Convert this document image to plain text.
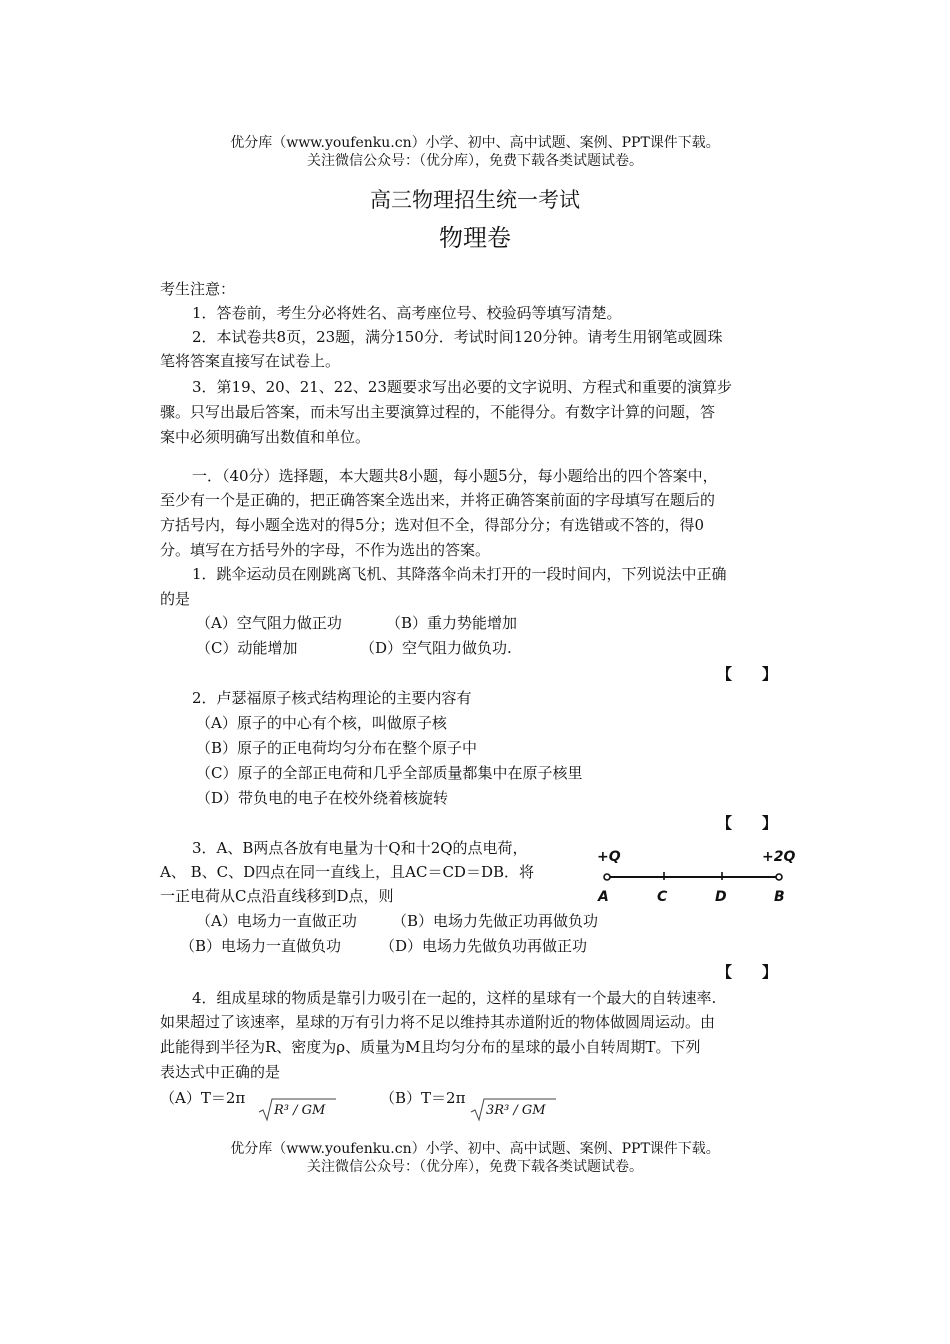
优分库（www.youfenku.cn）小学、初中、高中试题、案例、PPT课件下载。
关注微信公众号：（优分库），免费下载各类试题试卷。
高三物理招生统一考试
物理卷
考生注意：
1．答卷前，考生分必将姓名、高考座位号、校验码等填写清楚。
2．本试卷共8页，23题，满分150分．考试时间120分钟。请考生用钢笔或圆珠
笔将答案直接写在试卷上。
3．第19、20、21、22、23题要求写出必要的文字说明、方程式和重要的演算步
骤。只写出最后答案，而未写出主要演算过程的，不能得分。有数字计算的问题，答
案中必须明确写出数值和单位。
一．（40分）选择题，本大题共8小题，每小题5分，每小题给出的四个答案中，
至少有一个是正确的，把正确答案全选出来，并将正确答案前面的字母填写在题后的
方括号内，每小题全选对的得5分；选对但不全，得部分分；有选错或不答的，得0
分。填写在方括号外的字母，不作为选出的答案。
1．跳伞运动员在刚跳离飞机、其降落伞尚未打开的一段时间内，下列说法中正确
的是
（A）空气阻力做正功	（B）重力势能增加
（C）动能增加	（D）空气阻力做负功.
【　　】
2．卢瑟福原子核式结构理论的主要内容有
（A）原子的中心有个核，叫做原子核
（B）原子的正电荷均匀分布在整个原子中
（C）原子的全部正电荷和几乎全部质量都集中在原子核里
（D）带负电的电子在校外绕着核旋转
【　　】
3．A、B两点各放有电量为十Q和十2Q的点电荷，
A、 B、C、D四点在同一直线上，且AC＝CD＝DB．将
一正电荷从C点沿直线移到D点，则
（A）电场力一直做正功 （B）电场力先做正功再做负功
（B）电场力一直做负功	（D）电场力先做负功再做正功
【　　】
+Q	+2Q
A	C	D	B
4．组成星球的物质是靠引力吸引在一起的，这样的星球有一个最大的自转速率.
如果超过了该速率，星球的万有引力将不足以维持其赤道附近的物体做圆周运动。由
此能得到半径为R、密度为ρ、质量为M且均匀分布的星球的最小自转周期T。下列
表达式中正确的是
（A）T＝2π
R³ / GM
（B）T＝2π
3R³ / GM
优分库（www.youfenku.cn）小学、初中、高中试题、案例、PPT课件下载。
关注微信公众号：（优分库），免费下载各类试题试卷。
